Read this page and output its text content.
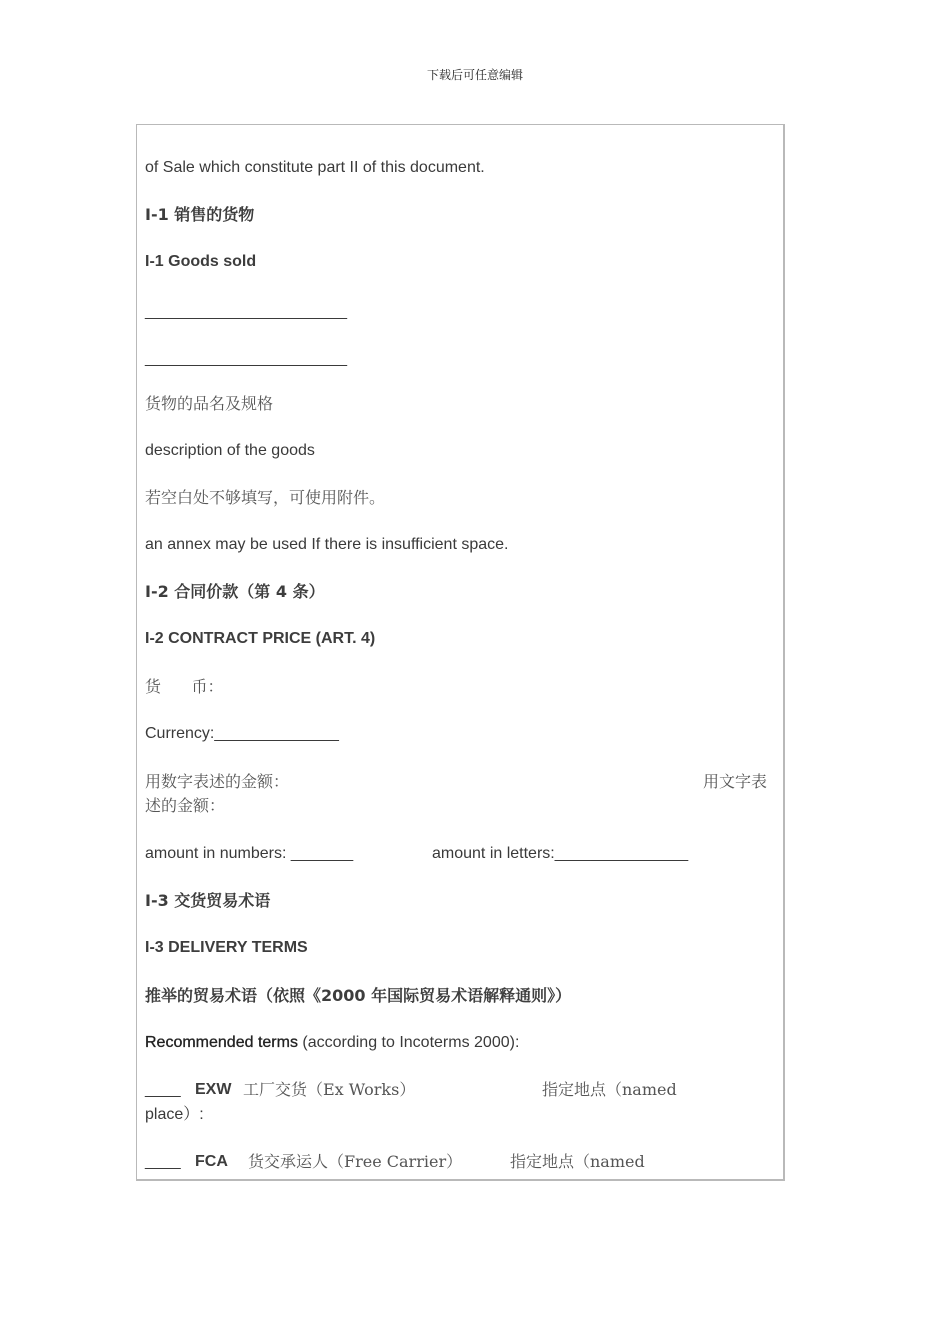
下载后可任意编辑
of Sale which constitute part II of this document.
I-1 销售的货物
I-1 Goods sold
________________________
________________________
货物的品名及规格
description of the goods
若空白处不够填写，可使用附件。
an annex may be used If there is insufficient space.
I-2 合同价款（第 4 条）
I-2 CONTRACT PRICE (ART. 4)
货      币：
Currency:______________
用数字表述的金额：	用文字表
述的金额：
amount in numbers: _______	amount in letters:_______________
I-3 交货贸易术语
I-3 DELIVERY TERMS
推举的贸易术语（依照《2000 年国际贸易术语解释通则》）
Recommended terms (according to Incoterms 2000):
____ EXW 工厂交货（Ex Works）	指定地点（named
place）:
____ FCA 货交承运人（Free Carrier）	指定地点（named
